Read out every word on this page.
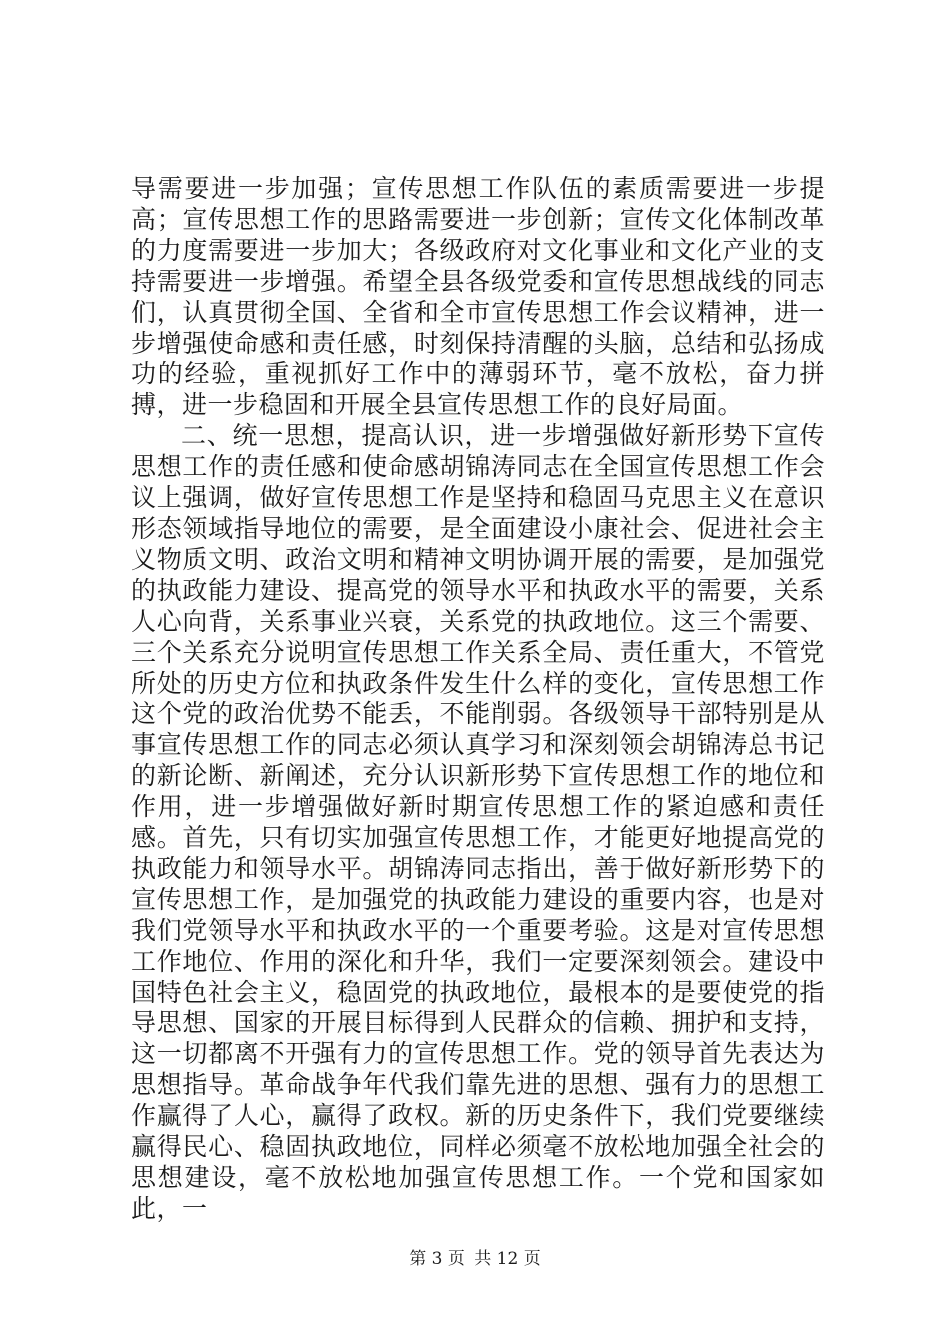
导需要进一步加强；宣传思想工作队伍的素质需要进一步提高；宣传思想工作的思路需要进一步创新；宣传文化体制改革的力度需要进一步加大；各级政府对文化事业和文化产业的支持需要进一步增强。希望全县各级党委和宣传思想战线的同志们，认真贯彻全国、全省和全市宣传思想工作会议精神，进一步增强使命感和责任感，时刻保持清醒的头脑，总结和弘扬成功的经验，重视抓好工作中的薄弱环节，毫不放松，奋力拼搏，进一步稳固和开展全县宣传思想工作的良好局面。

二、统一思想，提高认识，进一步增强做好新形势下宣传思想工作的责任感和使命感胡锦涛同志在全国宣传思想工作会议上强调，做好宣传思想工作是坚持和稳固马克思主义在意识形态领域指导地位的需要，是全面建设小康社会、促进社会主义物质文明、政治文明和精神文明协调开展的需要，是加强党的执政能力建设、提高党的领导水平和执政水平的需要，关系人心向背，关系事业兴衰，关系党的执政地位。这三个需要、三个关系充分说明宣传思想工作关系全局、责任重大，不管党所处的历史方位和执政条件发生什么样的变化，宣传思想工作这个党的政治优势不能丢，不能削弱。各级领导干部特别是从事宣传思想工作的同志必须认真学习和深刻领会胡锦涛总书记的新论断、新阐述，充分认识新形势下宣传思想工作的地位和作用，进一步增强做好新时期宣传思想工作的紧迫感和责任感。首先，只有切实加强宣传思想工作，才能更好地提高党的执政能力和领导水平。胡锦涛同志指出，善于做好新形势下的宣传思想工作，是加强党的执政能力建设的重要内容，也是对我们党领导水平和执政水平的一个重要考验。这是对宣传思想工作地位、作用的深化和升华，我们一定要深刻领会。建设中国特色社会主义，稳固党的执政地位，最根本的是要使党的指导思想、国家的开展目标得到人民群众的信赖、拥护和支持，这一切都离不开强有力的宣传思想工作。党的领导首先表达为思想指导。革命战争年代我们靠先进的思想、强有力的思想工作赢得了人心，赢得了政权。新的历史条件下，我们党要继续赢得民心、稳固执政地位，同样必须毫不放松地加强全社会的思想建设，毫不放松地加强宣传思想工作。一个党和国家如此，一

第 3 页 共 12 页
